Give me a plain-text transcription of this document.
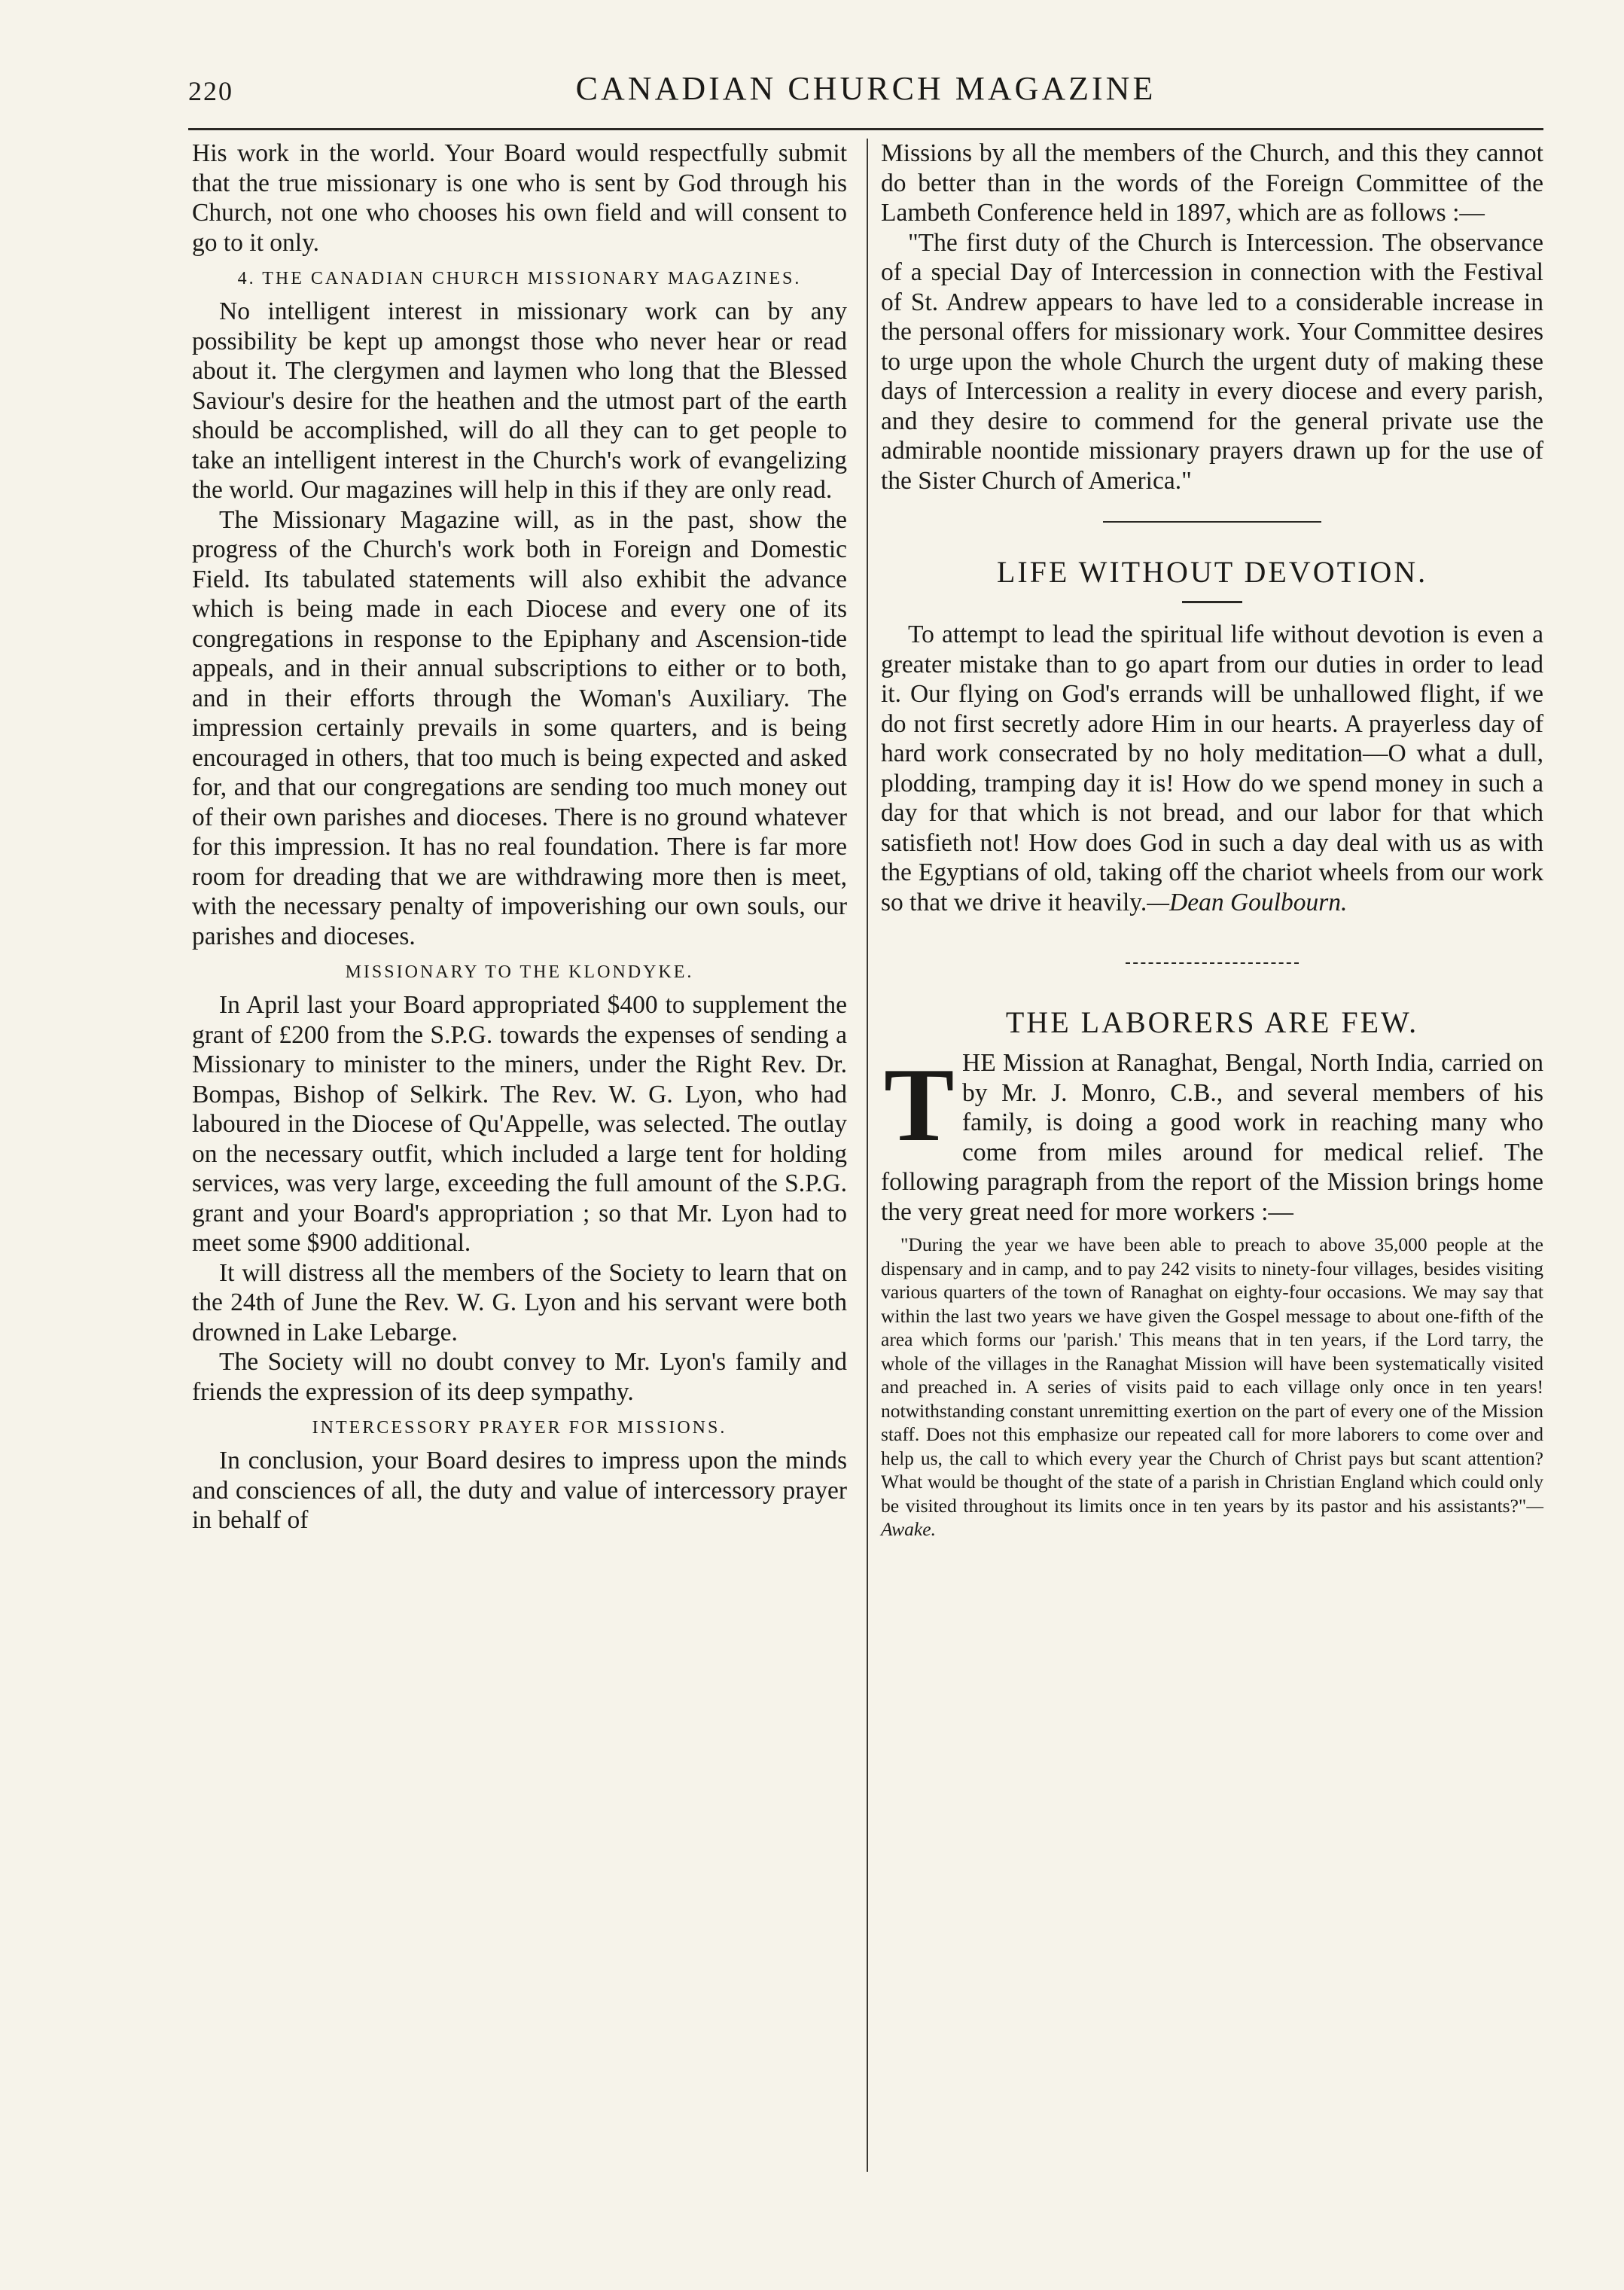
220	CANADIAN CHURCH MAGAZINE

His work in the world. Your Board would respectfully submit that the true missionary is one who is sent by God through his Church, not one who chooses his own field and will consent to go to it only.

4. THE CANADIAN CHURCH MISSIONARY MAGAZINES.

No intelligent interest in missionary work can by any possibility be kept up amongst those who never hear or read about it. The clergymen and laymen who long that the Blessed Saviour's desire for the heathen and the utmost part of the earth should be accomplished, will do all they can to get people to take an intelligent interest in the Church's work of evangelizing the world. Our magazines will help in this if they are only read.

The Missionary Magazine will, as in the past, show the progress of the Church's work both in Foreign and Domestic Field. Its tabulated statements will also exhibit the advance which is being made in each Diocese and every one of its congregations in response to the Epiphany and Ascension-tide appeals, and in their annual subscriptions to either or to both, and in their efforts through the Woman's Auxiliary. The impression certainly prevails in some quarters, and is being encouraged in others, that too much is being expected and asked for, and that our congregations are sending too much money out of their own parishes and dioceses. There is no ground whatever for this impression. It has no real foundation. There is far more room for dreading that we are withdrawing more then is meet, with the necessary penalty of impoverishing our own souls, our parishes and dioceses.

MISSIONARY TO THE KLONDYKE.

In April last your Board appropriated $400 to supplement the grant of £200 from the S.P.G. towards the expenses of sending a Missionary to minister to the miners, under the Right Rev. Dr. Bompas, Bishop of Selkirk. The Rev. W. G. Lyon, who had laboured in the Diocese of Qu'Appelle, was selected. The outlay on the necessary outfit, which included a large tent for holding services, was very large, exceeding the full amount of the S.P.G. grant and your Board's appropriation ; so that Mr. Lyon had to meet some $900 additional.

It will distress all the members of the Society to learn that on the 24th of June the Rev. W. G. Lyon and his servant were both drowned in Lake Lebarge.

The Society will no doubt convey to Mr. Lyon's family and friends the expression of its deep sympathy.

INTERCESSORY PRAYER FOR MISSIONS.

In conclusion, your Board desires to impress upon the minds and consciences of all, the duty and value of intercessory prayer in behalf of

Missions by all the members of the Church, and this they cannot do better than in the words of the Foreign Committee of the Lambeth Conference held in 1897, which are as follows :—

"The first duty of the Church is Intercession. The observance of a special Day of Intercession in connection with the Festival of St. Andrew appears to have led to a considerable increase in the personal offers for missionary work. Your Committee desires to urge upon the whole Church the urgent duty of making these days of Intercession a reality in every diocese and every parish, and they desire to commend for the general private use the admirable noontide missionary prayers drawn up for the use of the Sister Church of America."

LIFE WITHOUT DEVOTION.

To attempt to lead the spiritual life without devotion is even a greater mistake than to go apart from our duties in order to lead it. Our flying on God's errands will be unhallowed flight, if we do not first secretly adore Him in our hearts. A prayerless day of hard work consecrated by no holy meditation—O what a dull, plodding, tramping day it is! How do we spend money in such a day for that which is not bread, and our labor for that which satisfieth not! How does God in such a day deal with us as with the Egyptians of old, taking off the chariot wheels from our work so that we drive it heavily.—Dean Goulbourn.

THE LABORERS ARE FEW.
T HE Mission at Ranaghat, Bengal, North India, carried on by Mr. J. Monro, C.B., and several members of his family, is doing a good work in reaching many who come from miles around for medical relief. The following paragraph from the report of the Mission brings home the very great need for more workers :—

"During the year we have been able to preach to above 35,000 people at the dispensary and in camp, and to pay 242 visits to ninety-four villages, besides visiting various quarters of the town of Ranaghat on eighty-four occasions. We may say that within the last two years we have given the Gospel message to about one-fifth of the area which forms our 'parish.' This means that in ten years, if the Lord tarry, the whole of the villages in the Ranaghat Mission will have been systematically visited and preached in. A series of visits paid to each village only once in ten years! notwithstanding constant unremitting exertion on the part of every one of the Mission staff. Does not this emphasize our repeated call for more laborers to come over and help us, the call to which every year the Church of Christ pays but scant attention? What would be thought of the state of a parish in Christian England which could only be visited throughout its limits once in ten years by its pastor and his assistants?"—Awake.
